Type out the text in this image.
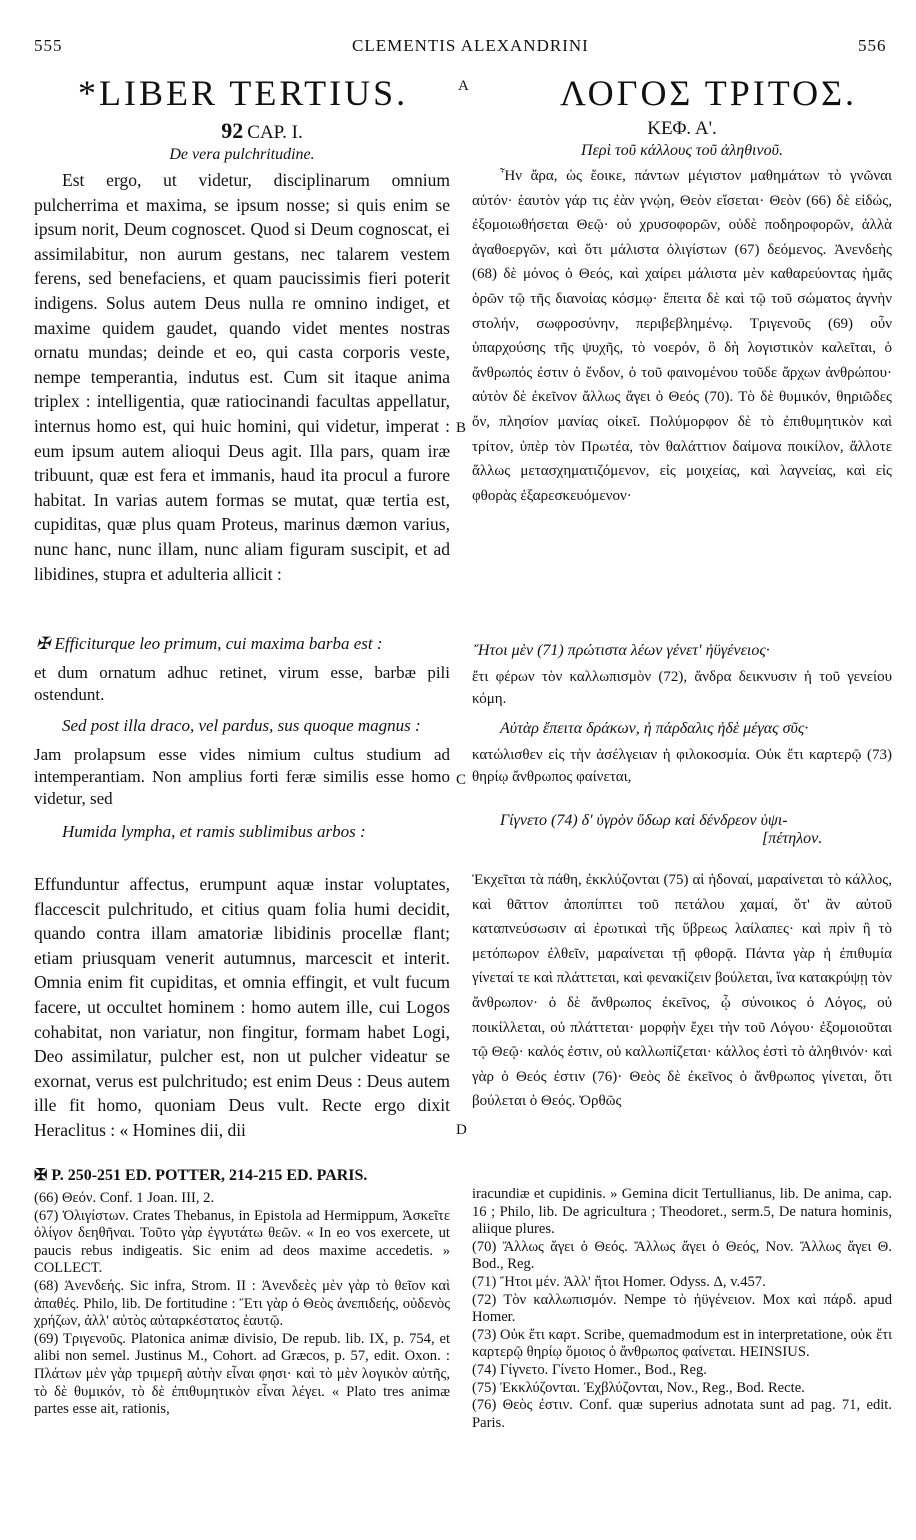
555	CLEMENTIS ALEXANDRINI	556
*LIBER TERTIUS.	A	ΛΟΓΟΣ ΤΡΙΤΟΣ.
92 CAP. I.
De vera pulchritudine.

Est ergo, ut videtur, disciplinarum omnium pulcherrima et maxima, se ipsum nosse; si quis enim se ipsum norit, Deum cognoscet. Quod si Deum cognoscat, ei assimilabitur, non aurum gestans, nec talarem vestem ferens, sed benefaciens, et quam paucissimis fieri poterit indigens. Solus autem Deus nulla re omnino indiget, et maxime quidem gaudet, quando videt mentes nostras ornatu mundas; deinde et eo, qui casta corporis veste, nempe temperantia, indutus est. Cum sit itaque anima triplex : intelligentia, quæ ratiocinandi facultas appellatur, internus homo est, qui huic homini, qui videtur, imperat : eum ipsum autem alioqui Deus agit. Illa pars, quam iræ tribuunt, quæ est fera et immanis, haud ita procul a furore habitat. In varias autem formas se mutat, quæ tertia est, cupiditas, quæ plus quam Proteus, marinus dæmon varius, nunc hanc, nunc illam, nunc aliam figuram suscipit, et ad libidines, stupra et adulteria allicit :

✠ Efficiturque leo primum, cui maxima barba est :

et dum ornatum adhuc retinet, virum esse, barbæ pili ostendunt.

Sed post illa draco, vel pardus, sus quoque magnus :

Jam prolapsum esse vides nimium cultus studium ad intemperantiam. Non amplius forti feræ similis esse homo videtur, sed

Humida lympha, et ramis sublimibus arbos :

Effunduntur affectus, erumpunt aquæ instar voluptates, flaccescit pulchritudo, et citius quam folia humi decidit, quando contra illam amatoriæ libidinis procellæ flant; etiam priusquam venerit autumnus, marcescit et interit. Omnia enim fit cupiditas, et omnia effingit, et vult fucum facere, ut occultet hominem : homo autem ille, cui Logos cohabitat, non variatur, non fingitur, formam habet Logi, Deo assimilatur, pulcher est, non ut pulcher videatur se exornat, verus est pulchritudo; est enim Deus : Deus autem ille fit homo, quoniam Deus vult. Recte ergo dixit Heraclitus : « Homines dii, dii

✠ P. 250-251 ED. POTTER, 214-215 ED. PARIS.
ΚΕΦ. Α'.
Περὶ τοῦ κάλλους τοῦ ἀληθινοῦ.

Ἦν ἄρα, ὡς ἔοικε, πάντων μέγιστον μαθημάτων τὸ γνῶναι αὑτόν· ἑαυτὸν γάρ τις ἐὰν γνῴη, Θεὸν εἴσεται· Θεὸν (66) δὲ εἰδώς, ἐξομοιωθήσεται Θεῷ· οὐ χρυσοφορῶν, οὐδὲ ποδηροφορῶν, ἀλλὰ ἀγαθοεργῶν, καὶ ὅτι μάλιστα ὀλιγίστων (67) δεόμενος. Ἀνενδεὴς (68) δὲ μόνος ὁ Θεός, καὶ χαίρει μάλιστα μὲν καθαρεύοντας ἡμᾶς ὁρῶν τῷ τῆς διανοίας κόσμῳ· ἔπειτα δὲ καὶ τῷ τοῦ σώματος ἁγνὴν στολήν, σωφροσύνην, περιβεβλημένῳ. Τριγενοῦς (69) οὖν ὑπαρχούσης τῆς ψυχῆς, τὸ νοερόν, ὃ δὴ λογιστικὸν καλεῖται, ὁ ἄνθρωπός ἐστιν ὁ ἔνδον, ὁ τοῦ φαινομένου τοῦδε ἄρχων ἀνθρώπου· αὐτὸν δὲ ἐκεῖνον ἄλλως ἄγει ὁ Θεός (70). Τὸ δὲ θυμικόν, θηριῶδες ὄν, πλησίον μανίας οἰκεῖ. Πολύμορφον δὲ τὸ ἐπιθυμητικὸν καὶ τρίτον, ὑπὲρ τὸν Πρωτέα, τὸν θαλάττιον δαίμονα ποικίλον, ἄλλοτε ἄλλως μετασχηματιζόμενον, εἰς μοιχείας, καὶ λαγνείας, καὶ εἰς φθορὰς ἐξαρεσκευόμενον·

Ἤτοι μὲν (71) πρώτιστα λέων γένετ' ἠϋγένειος·

ἔτι φέρων τὸν καλλωπισμὸν (72), ἄνδρα δεικνυσιν ἡ τοῦ γενείου κόμη.

Αὐτὰρ ἔπειτα δράκων, ἠ πάρδαλις ἠδὲ μέγας σῦς·

κατώλισθεν εἰς τὴν ἀσέλγειαν ἡ φιλοκοσμία. Οὐκ ἔτι καρτερῷ (73) θηρίῳ ἄνθρωπος φαίνεται,

Γίγνετο (74) δ' ὑγρὸν ὕδωρ καὶ δένδρεον ὑψι-
[πέτηλον.

Ἐκχεῖται τὰ πάθη, ἐκκλύζονται (75) αἱ ἡδοναί, μαραίνεται τὸ κάλλος, καὶ θᾶττον ἀποπίπτει τοῦ πετάλου χαμαί, ὅτ' ἂν αὐτοῦ καταπνεύσωσιν αἱ ἐρωτικαὶ τῆς ὕβρεως λαίλαπες· καὶ πρὶν ἢ τὸ μετόπωρον ἐλθεῖν, μαραίνεται τῇ φθορᾷ. Πάντα γὰρ ἡ ἐπιθυμία γίνεταί τε καὶ πλάττεται, καὶ φενακίζειν βούλεται, ἵνα κατακρύψῃ τὸν ἄνθρωπον· ὁ δὲ ἄνθρωπος ἐκεῖνος, ᾧ σύνοικος ὁ Λόγος, οὐ ποικίλλεται, οὐ πλάττεται· μορφὴν ἔχει τὴν τοῦ Λόγου· ἐξομοιοῦται τῷ Θεῷ· καλός ἐστιν, οὐ καλλωπίζεται· κάλλος ἐστὶ τὸ ἀληθινόν· καὶ γὰρ ὁ Θεός ἐστιν (76)· Θεὸς δὲ ἐκεῖνος ὁ ἄνθρωπος γίνεται, ὅτι βούλεται ὁ Θεός. Ὀρθῶς

B
C
D

(66) Θεόν. Conf. 1 Joan. III, 2.

(67) Ὀλιγίστων. Crates Thebanus, in Epistola ad Hermippum, Ἀσκεῖτε ὀλίγον δεηθῆναι. Τοῦτο γὰρ ἐγγυτάτω θεῶν. « In eo vos exercete, ut paucis rebus indigeatis. Sic enim ad deos maxime accedetis. » COLLECT.

(68) Ἀνενδεής. Sic infra, Strom. II : Ἀνενδεὲς μὲν γὰρ τὸ θεῖον καὶ ἀπαθές. Philo, lib. De fortitudine : Ἔτι γὰρ ὁ Θεὸς ἀνεπιδεής, οὐδενὸς χρήζων, ἀλλ' αὐτὸς αὐταρκέστατος ἑαυτῷ.

(69) Τριγενοῦς. Platonica animæ divisio, De repub. lib. IX, p. 754, et alibi non semel. Justinus M., Cohort. ad Græcos, p. 57, edit. Oxon. : Πλάτων μὲν γὰρ τριμερῆ αὐτὴν εἶναι φησι· καὶ τὸ μὲν λογικὸν αὐτῆς, τὸ δὲ θυμικόν, τὸ δὲ ἐπιθυμητικὸν εἶναι λέγει. « Plato tres animæ partes esse ait, rationis,

iracundiæ et cupidinis. » Gemina dicit Tertullianus, lib. De anima, cap. 16 ; Philo, lib. De agricultura ; Theodoret., serm.5, De natura hominis, aliique plures.

(70) Ἄλλως ἄγει ὁ Θεός. Ἄλλως ἄγει ὁ Θεός, Nov. Ἄλλως ἄγει Θ. Bod., Reg.

(71) Ἤτοι μέν. Ἀλλ' ἤτοι Homer. Odyss. Δ, v.457.

(72) Τὸν καλλωπισμόν. Nempe τὸ ἠϋγένειον. Mox καὶ πάρδ. apud Homer.

(73) Οὐκ ἔτι καρτ. Scribe, quemadmodum est in interpretatione, οὐκ ἔτι καρτερῷ θηρίῳ ὅμοιος ὁ ἄνθρωπος φαίνεται. HEINSIUS.

(74) Γίγνετο. Γίνετο Homer., Bod., Reg.

(75) Ἐκκλύζονται. Ἐχβλύζονται, Nov., Reg., Bod. Recte.

(76) Θεὸς ἐστιν. Conf. quæ superius adnotata sunt ad pag. 71, edit. Paris.
